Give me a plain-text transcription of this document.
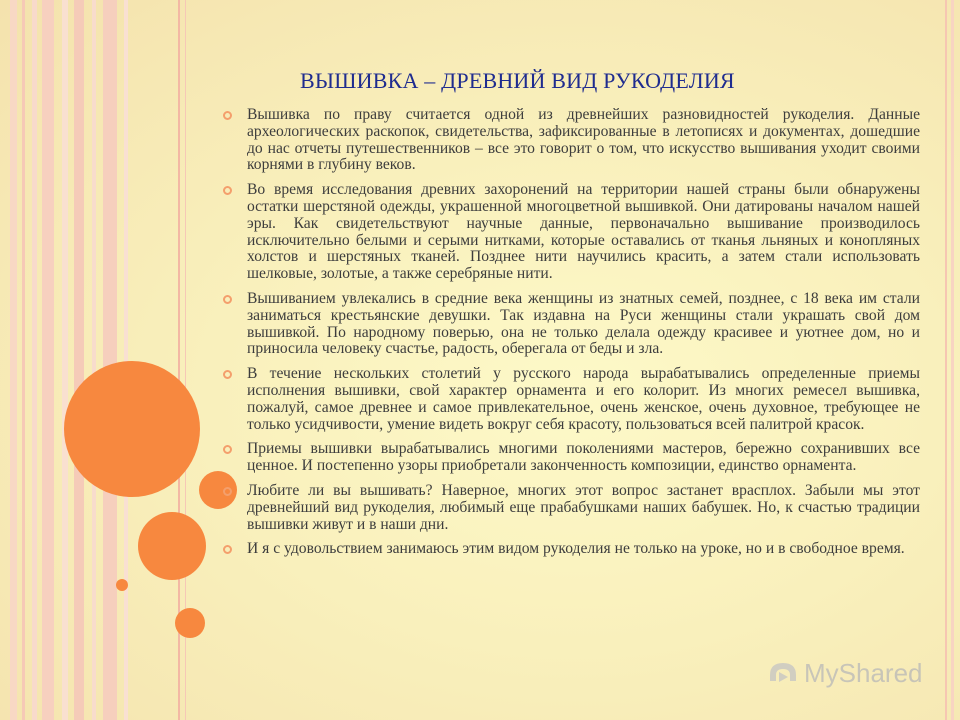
ВЫШИВКА – ДРЕВНИЙ ВИД РУКОДЕЛИЯ
Вышивка по праву считается одной из древнейших разновидностей рукоделия. Данные археологических раскопок, свидетельства, зафиксированные в летописях и документах, дошедшие до нас отчеты путешественников – все это говорит о том, что искусство вышивания уходит своими корнями в глубину веков.
Во время исследования древних захоронений на территории нашей страны были обнаружены остатки шерстяной одежды, украшенной многоцветной вышивкой. Они датированы началом нашей эры. Как свидетельствуют научные данные, первоначально вышивание производилось исключительно белыми и серыми нитками, которые оставались от тканья льняных и конопляных холстов и шерстяных тканей. Позднее нити научились красить, а затем стали использовать шелковые, золотые, а также серебряные нити.
Вышиванием увлекались в средние века женщины из знатных семей, позднее, с 18 века им стали заниматься крестьянские девушки. Так издавна на Руси женщины стали украшать свой дом вышивкой. По народному поверью, она не только делала одежду красивее и уютнее дом, но и приносила человеку счастье, радость, оберегала от беды и зла.
В течение нескольких столетий у русского народа вырабатывались определенные приемы исполнения вышивки, свой характер орнамента и его колорит. Из многих ремесел вышивка, пожалуй, самое древнее и самое привлекательное, очень женское, очень духовное, требующее не только усидчивости, умение видеть вокруг себя красоту, пользоваться всей палитрой красок.
Приемы вышивки вырабатывались многими поколениями мастеров, бережно сохранивших все ценное. И постепенно узоры приобретали законченность композиции, единство орнамента.
Любите ли вы вышивать? Наверное, многих этот вопрос застанет врасплох. Забыли мы этот древнейший вид рукоделия, любимый еще прабабушками наших бабушек. Но, к счастью традиции вышивки живут и в наши дни.
И я с удовольствием занимаюсь этим видом рукоделия не только на уроке, но и в свободное время.
MyShared
